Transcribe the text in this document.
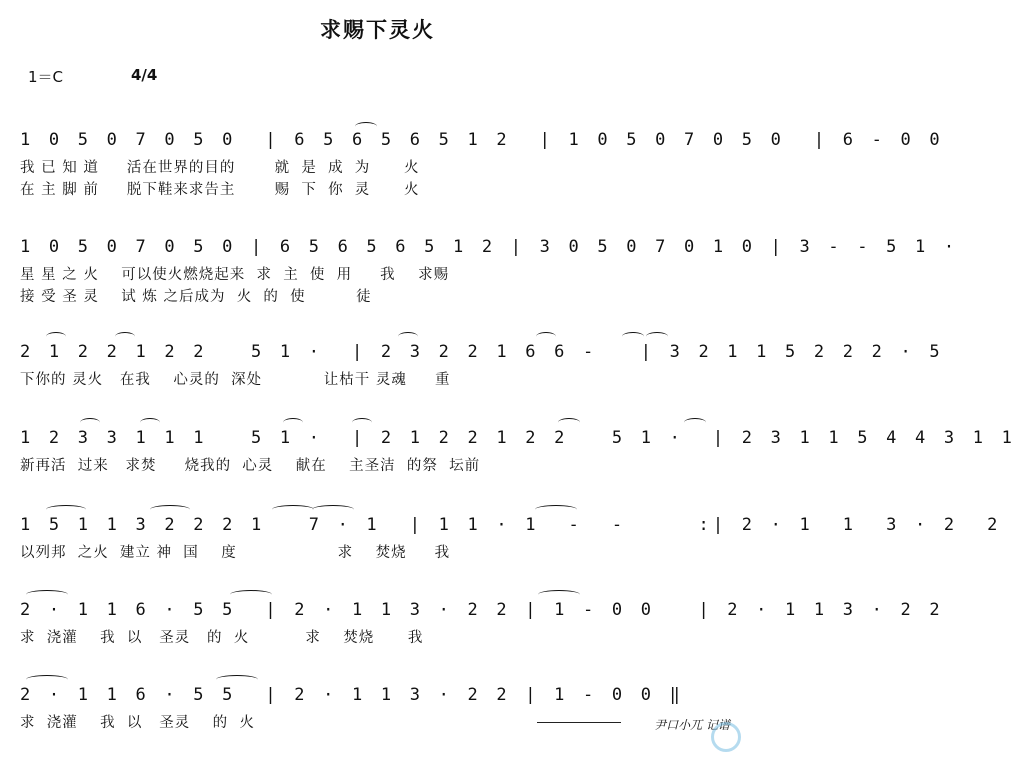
求赐下灵火
1＝C	4/4
1 0 5 0 7 0 5 0  | 6 5 6 5 6 5 1 2  | 1 0 5 0 7 0 5 0  | 6 - 0 0
我 已 知 道     活在世界的目的       就  是  成  为      火
在 主 脚 前     脱下鞋来求告主       赐  下  你  灵      火
1 0 5 0 7 0 5 0 | 6 5 6 5 6 5 1 2 | 3 0 5 0 7 0 1 0 | 3 - - 5 1 ·
星 星 之 火    可以使火燃烧起来  求  主  使  用     我    求赐
接 受 圣 灵    试 炼 之后成为  火  的  使         徒
2 1 2 2 1 2 2   5 1 ·  | 2 3 2 2 1 6 6 -   | 3 2 1 1 5 2 2 2 · 5
下你的 灵火   在我    心灵的  深处           让枯干 灵魂     重
1 2 3 3 1 1 1   5 1 ·  | 2 1 2 2 1 2 2   5 1 ·  | 2 3 1 1 5 4 4 3 1 1
新再活  过来   求焚     烧我的  心灵    献在    主圣洁  的祭  坛前
1 5 1 1 3 2 2 2 1   7 · 1  | 1 1 · 1  -  -     :| 2 · 1  1  3 · 2  2
以列邦  之火  建立 神  国    度                  求    焚烧     我
2 · 1 1 6 · 5 5  | 2 · 1 1 3 · 2 2 | 1 - 0 0   | 2 · 1 1 3 · 2 2
求  浇灌    我  以   圣灵   的  火          求    焚烧      我
2 · 1 1 6 · 5 5  | 2 · 1 1 3 · 2 2 | 1 - 0 0 ‖
求  浇灌    我  以   圣灵    的  火	尹口小兀 记谱
